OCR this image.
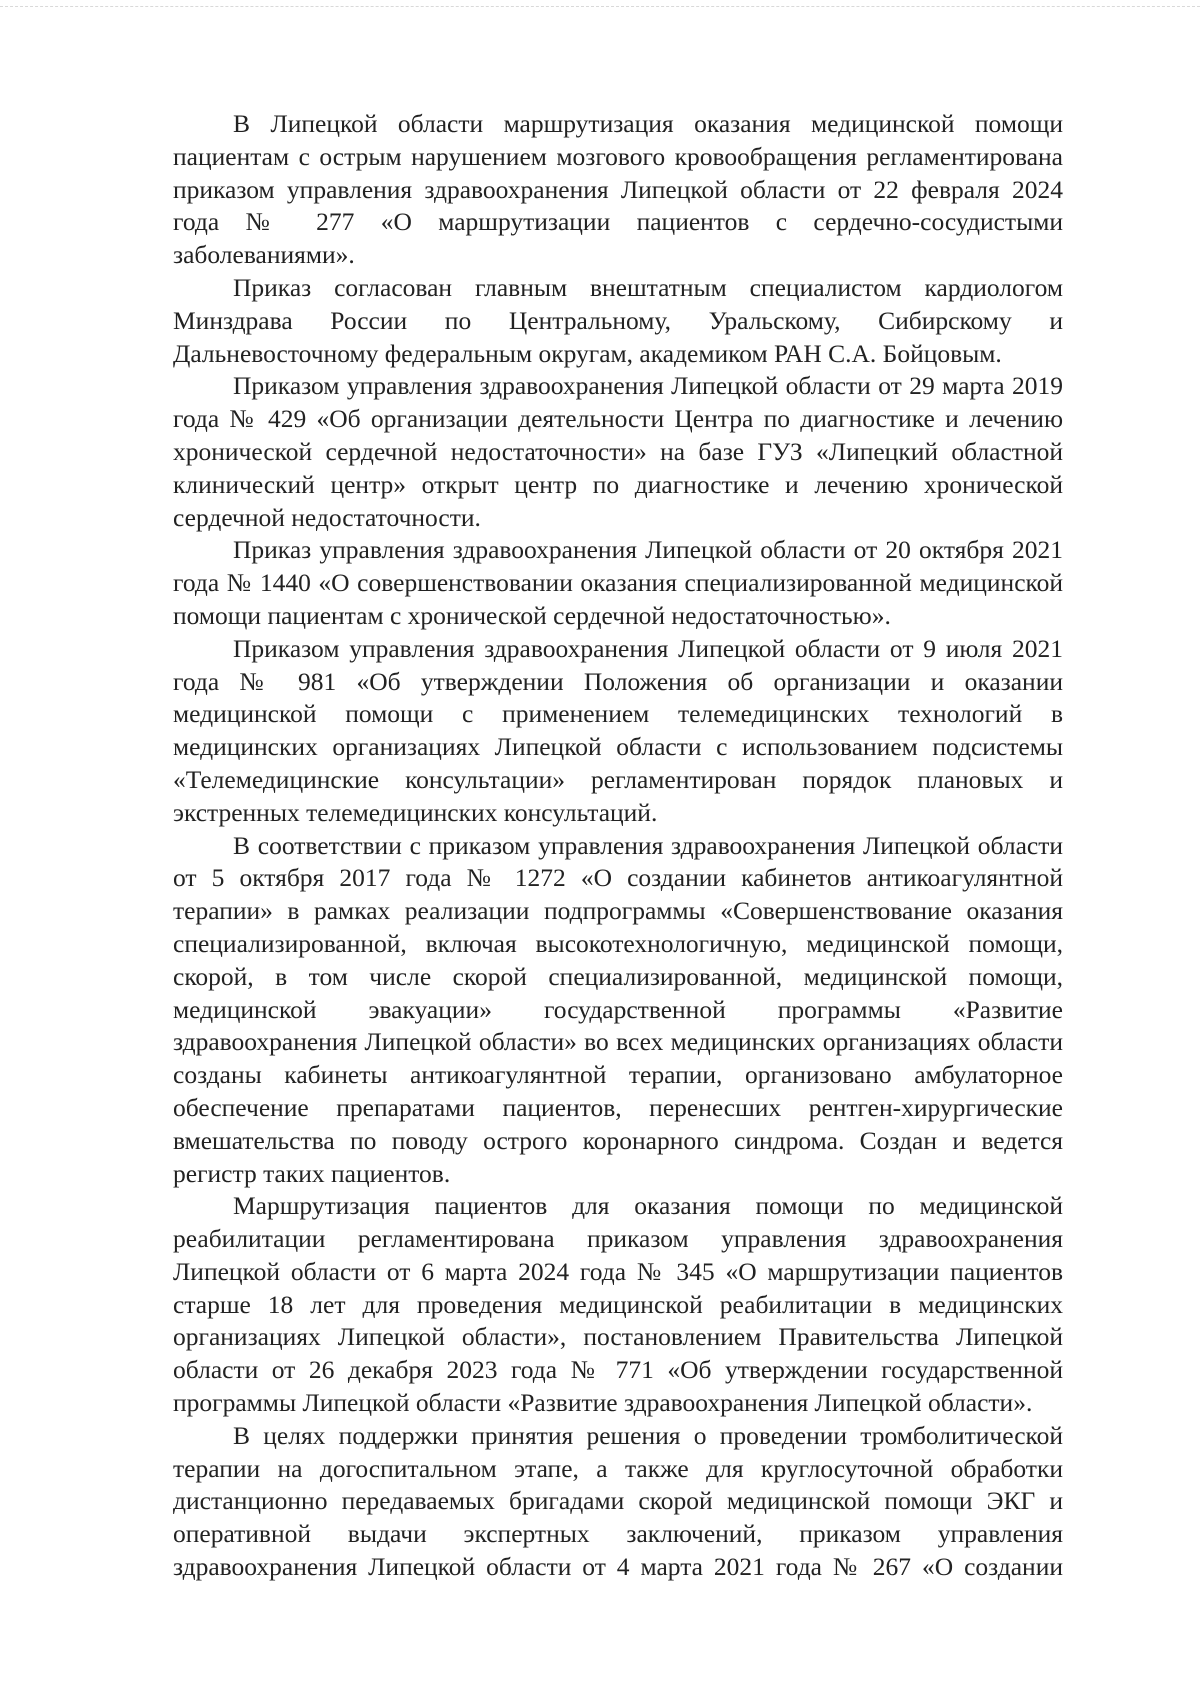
В Липецкой области маршрутизация оказания медицинской помощи пациентам с острым нарушением мозгового кровообращения регламентирована приказом управления здравоохранения Липецкой области от 22 февраля 2024 года № 277 «О маршрутизации пациентов с сердечно-сосудистыми заболеваниями».

Приказ согласован главным внештатным специалистом кардиологом Минздрава России по Центральному, Уральскому, Сибирскому и Дальневосточному федеральным округам, академиком РАН С.А. Бойцовым.

Приказом управления здравоохранения Липецкой области от 29 марта 2019 года № 429 «Об организации деятельности Центра по диагностике и лечению хронической сердечной недостаточности» на базе ГУЗ «Липецкий областной клинический центр» открыт центр по диагностике и лечению хронической сердечной недостаточности.

Приказ управления здравоохранения Липецкой области от 20 октября 2021 года № 1440 «О совершенствовании оказания специализированной медицинской помощи пациентам с хронической сердечной недостаточностью».

Приказом управления здравоохранения Липецкой области от 9 июля 2021 года № 981 «Об утверждении Положения об организации и оказании медицинской помощи с применением телемедицинских технологий в медицинских организациях Липецкой области с использованием подсистемы «Телемедицинские консультации» регламентирован порядок плановых и экстренных телемедицинских консультаций.

В соответствии с приказом управления здравоохранения Липецкой области от 5 октября 2017 года № 1272 «О создании кабинетов антикоагулянтной терапии» в рамках реализации подпрограммы «Совершенствование оказания специализированной, включая высокотехнологичную, медицинской помощи, скорой, в том числе скорой специализированной, медицинской помощи, медицинской эвакуации» государственной программы «Развитие здравоохранения Липецкой области» во всех медицинских организациях области созданы кабинеты антикоагулянтной терапии, организовано амбулаторное обеспечение препаратами пациентов, перенесших рентген-хирургические вмешательства по поводу острого коронарного синдрома. Создан и ведется регистр таких пациентов.

Маршрутизация пациентов для оказания помощи по медицинской реабилитации регламентирована приказом управления здравоохранения Липецкой области от 6 марта 2024 года № 345 «О маршрутизации пациентов старше 18 лет для проведения медицинской реабилитации в медицинских организациях Липецкой области», постановлением Правительства Липецкой области от 26 декабря 2023 года № 771 «Об утверждении государственной программы Липецкой области «Развитие здравоохранения Липецкой области».

В целях поддержки принятия решения о проведении тромболитической терапии на догоспитальном этапе, а также для круглосуточной обработки дистанционно передаваемых бригадами скорой медицинской помощи ЭКГ и оперативной выдачи экспертных заключений, приказом управления здравоохранения Липецкой области от 4 марта 2021 года № 267 «О создании
